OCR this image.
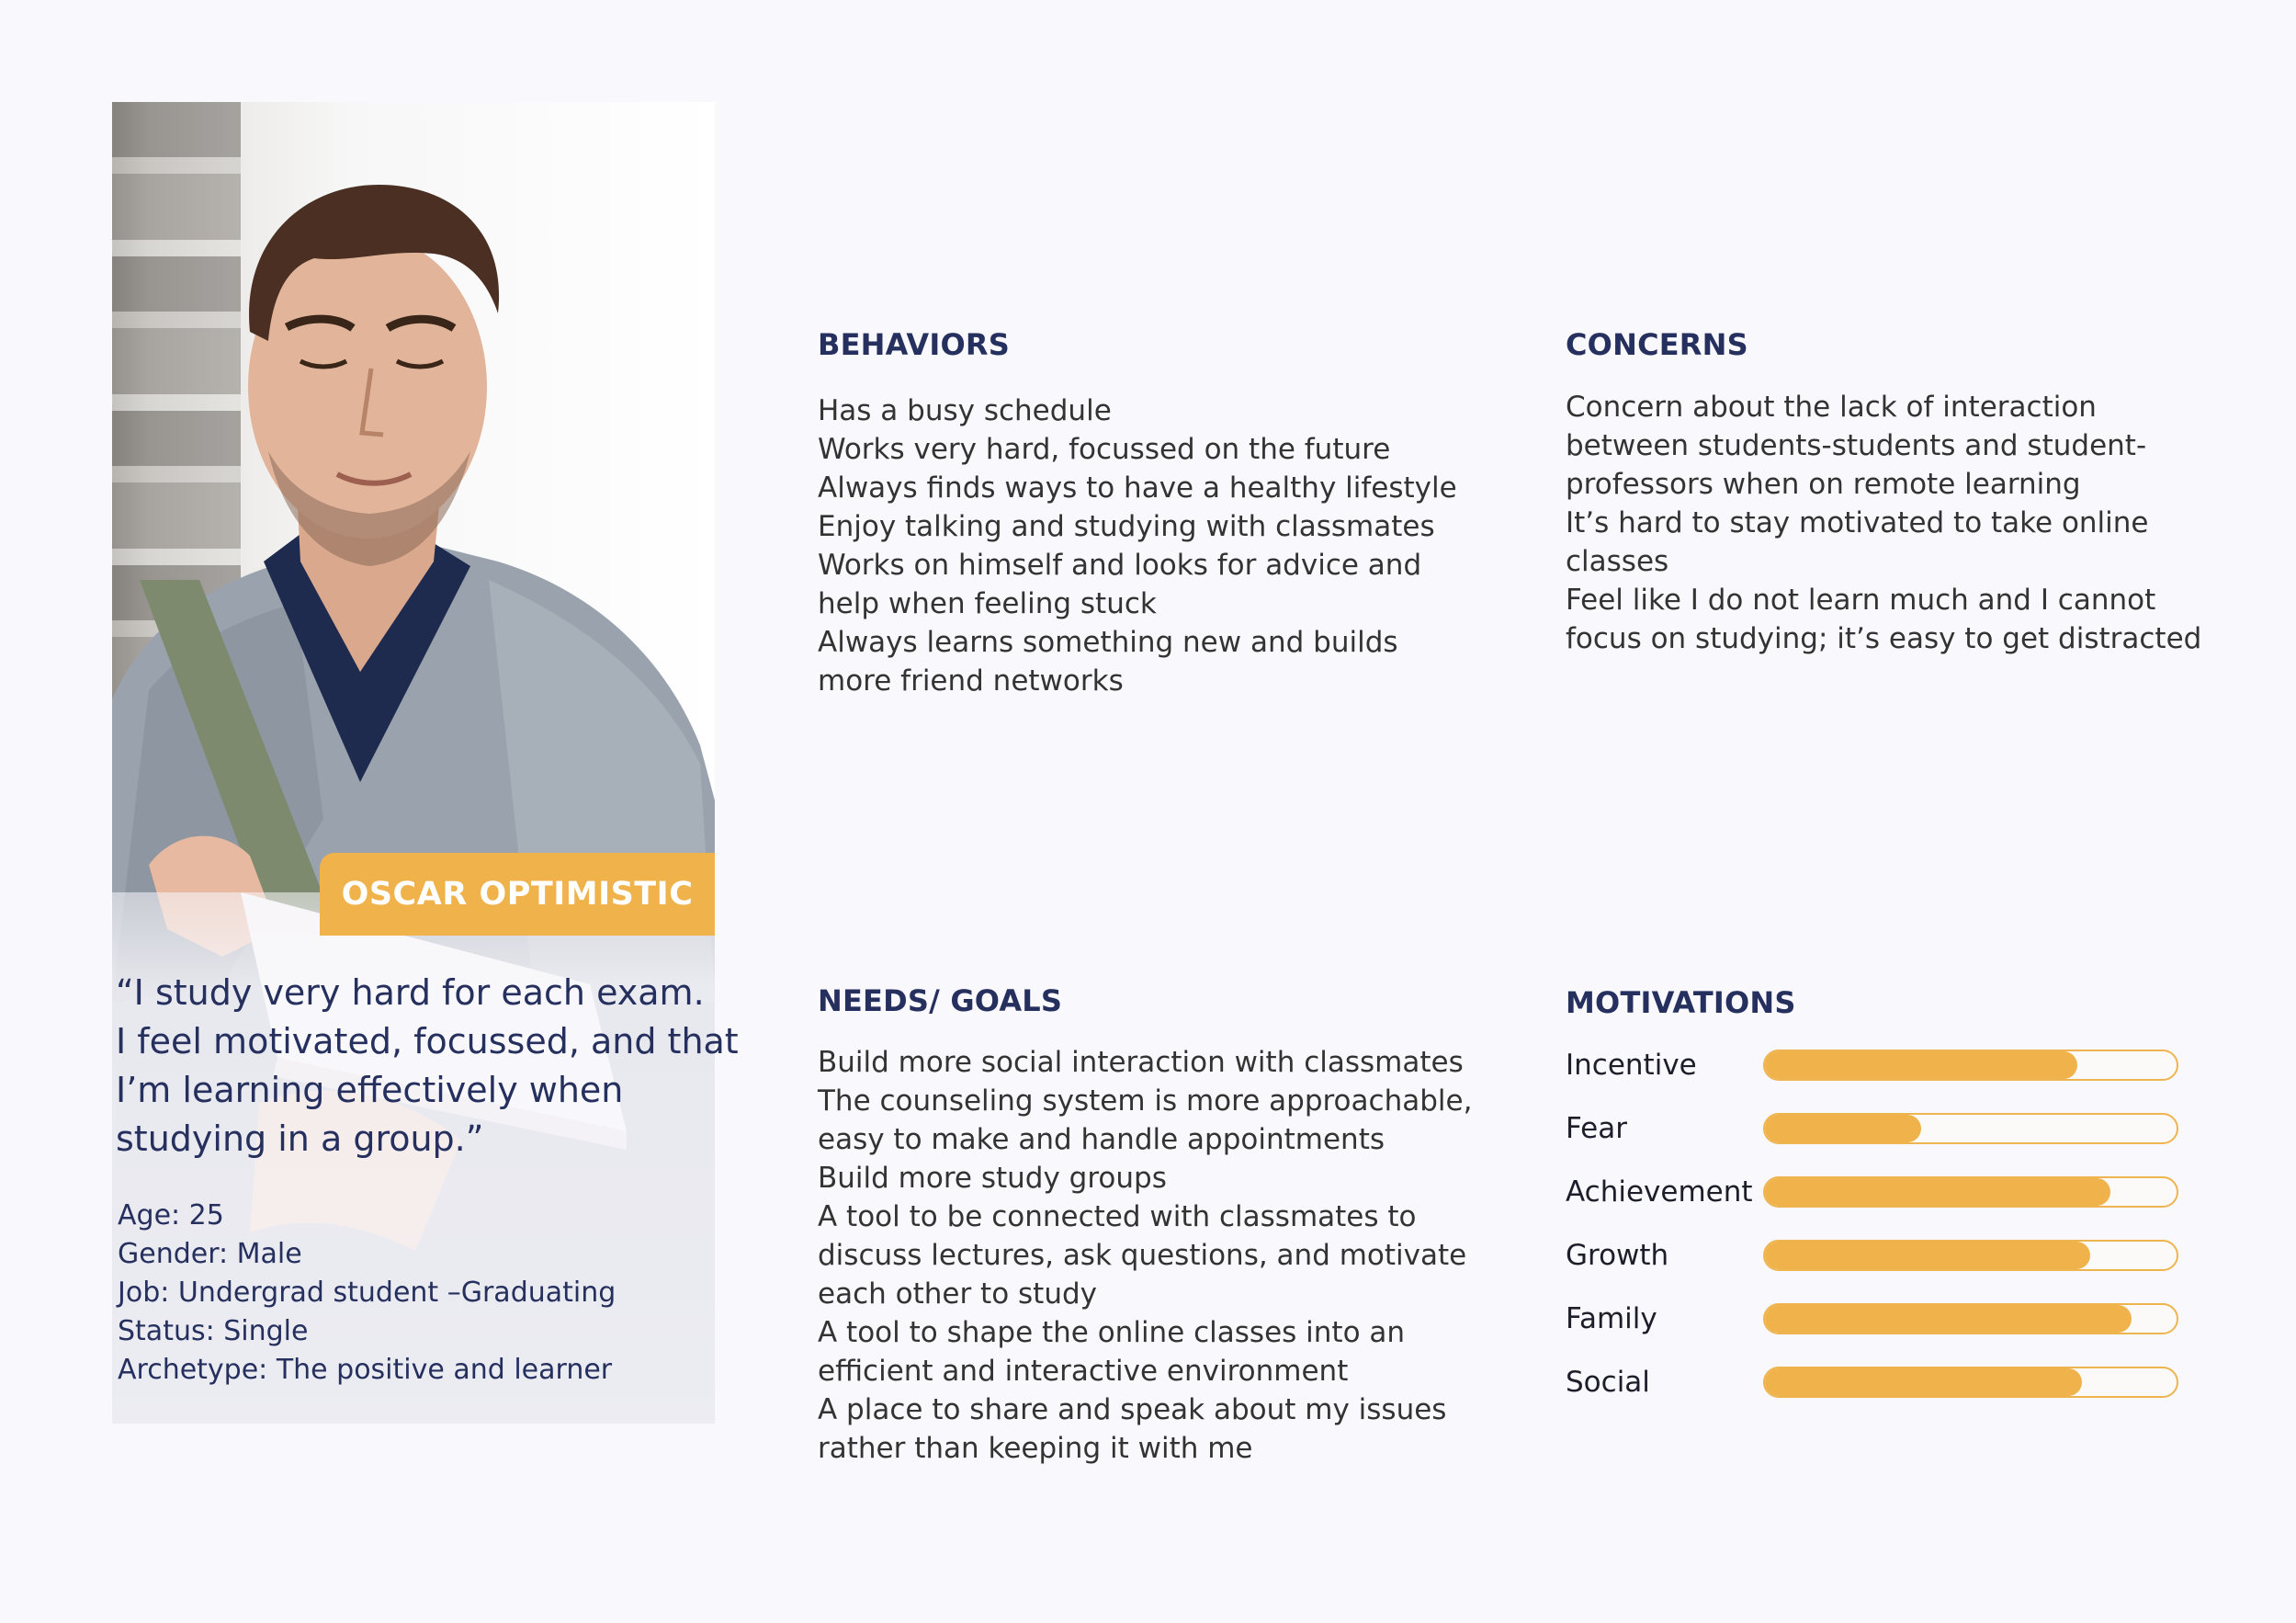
OSCAR OPTIMISTIC
“I study very hard for each exam.
I feel motivated, focussed, and that
I’m learning effectively when
studying in a group.”
Age: 25
Gender: Male
Job: Undergrad student –Graduating
Status: Single
Archetype: The positive and learner
BEHAVIORS
Has a busy schedule
Works very hard, focussed on the future
Always finds ways to have a healthy lifestyle
Enjoy talking and studying with classmates
Works on himself and looks for advice and
help when feeling stuck
Always learns something new and builds
more friend networks
CONCERNS
Concern about the lack of interaction
between students-students and student-
professors when on remote learning
It’s hard to stay motivated to take online
classes
Feel like I do not learn much and I cannot
focus on studying; it’s easy to get distracted
NEEDS/ GOALS
Build more social interaction with classmates
The counseling system is more approachable,
easy to make and handle appointments
Build more study groups
A tool to be connected with classmates to
discuss lectures, ask questions, and motivate
each other to study
A tool to shape the online classes into an
efficient and interactive environment
A place to share and speak about my issues
rather than keeping it with me
MOTIVATIONS
Incentive
Fear
Achievement
Growth
Family
Social
